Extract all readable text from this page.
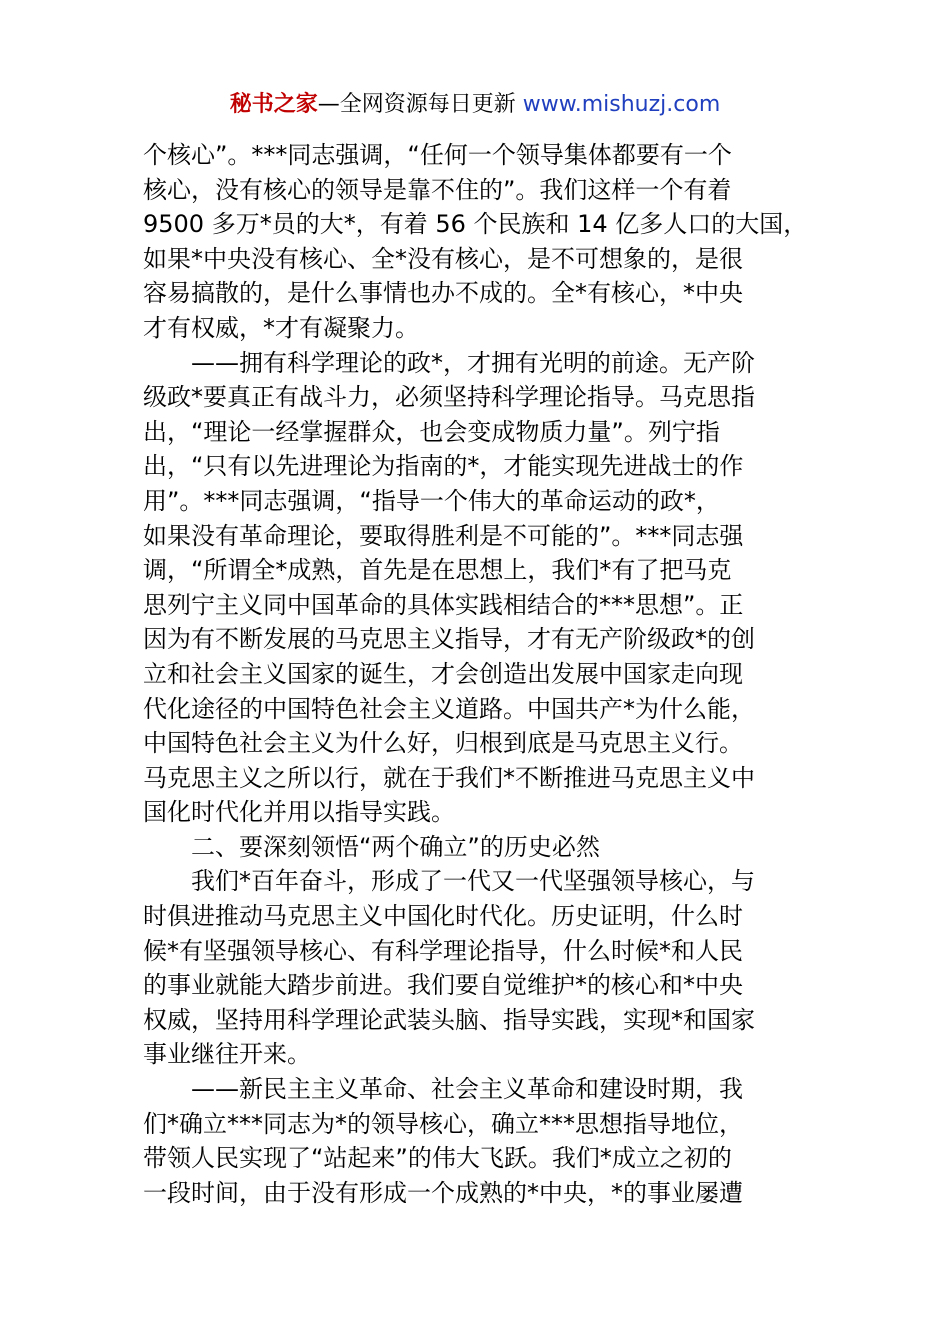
秘书之家—全网资源每日更新 www.mishuzj.com
个核心”。***同志强调，“任何一个领导集体都要有一个
核心，没有核心的领导是靠不住的”。我们这样一个有着
9500 多万*员的大*，有着 56 个民族和 14 亿多人口的大国，
如果*中央没有核心、全*没有核心，是不可想象的，是很
容易搞散的，是什么事情也办不成的。全*有核心，*中央
才有权威，*才有凝聚力。
——拥有科学理论的政*，才拥有光明的前途。无产阶
级政*要真正有战斗力，必须坚持科学理论指导。马克思指
出，“理论一经掌握群众，也会变成物质力量”。列宁指
出，“只有以先进理论为指南的*，才能实现先进战士的作
用”。***同志强调，“指导一个伟大的革命运动的政*，
如果没有革命理论，要取得胜利是不可能的”。***同志强
调，“所谓全*成熟，首先是在思想上，我们*有了把马克
思列宁主义同中国革命的具体实践相结合的***思想”。正
因为有不断发展的马克思主义指导，才有无产阶级政*的创
立和社会主义国家的诞生，才会创造出发展中国家走向现
代化途径的中国特色社会主义道路。中国共产*为什么能，
中国特色社会主义为什么好，归根到底是马克思主义行。
马克思主义之所以行，就在于我们*不断推进马克思主义中
国化时代化并用以指导实践。
二、要深刻领悟“两个确立”的历史必然
我们*百年奋斗，形成了一代又一代坚强领导核心，与
时俱进推动马克思主义中国化时代化。历史证明，什么时
候*有坚强领导核心、有科学理论指导，什么时候*和人民
的事业就能大踏步前进。我们要自觉维护*的核心和*中央
权威，坚持用科学理论武装头脑、指导实践，实现*和国家
事业继往开来。
——新民主主义革命、社会主义革命和建设时期，我
们*确立***同志为*的领导核心，确立***思想指导地位，
带领人民实现了“站起来”的伟大飞跃。我们*成立之初的
一段时间，由于没有形成一个成熟的*中央，*的事业屡遭
